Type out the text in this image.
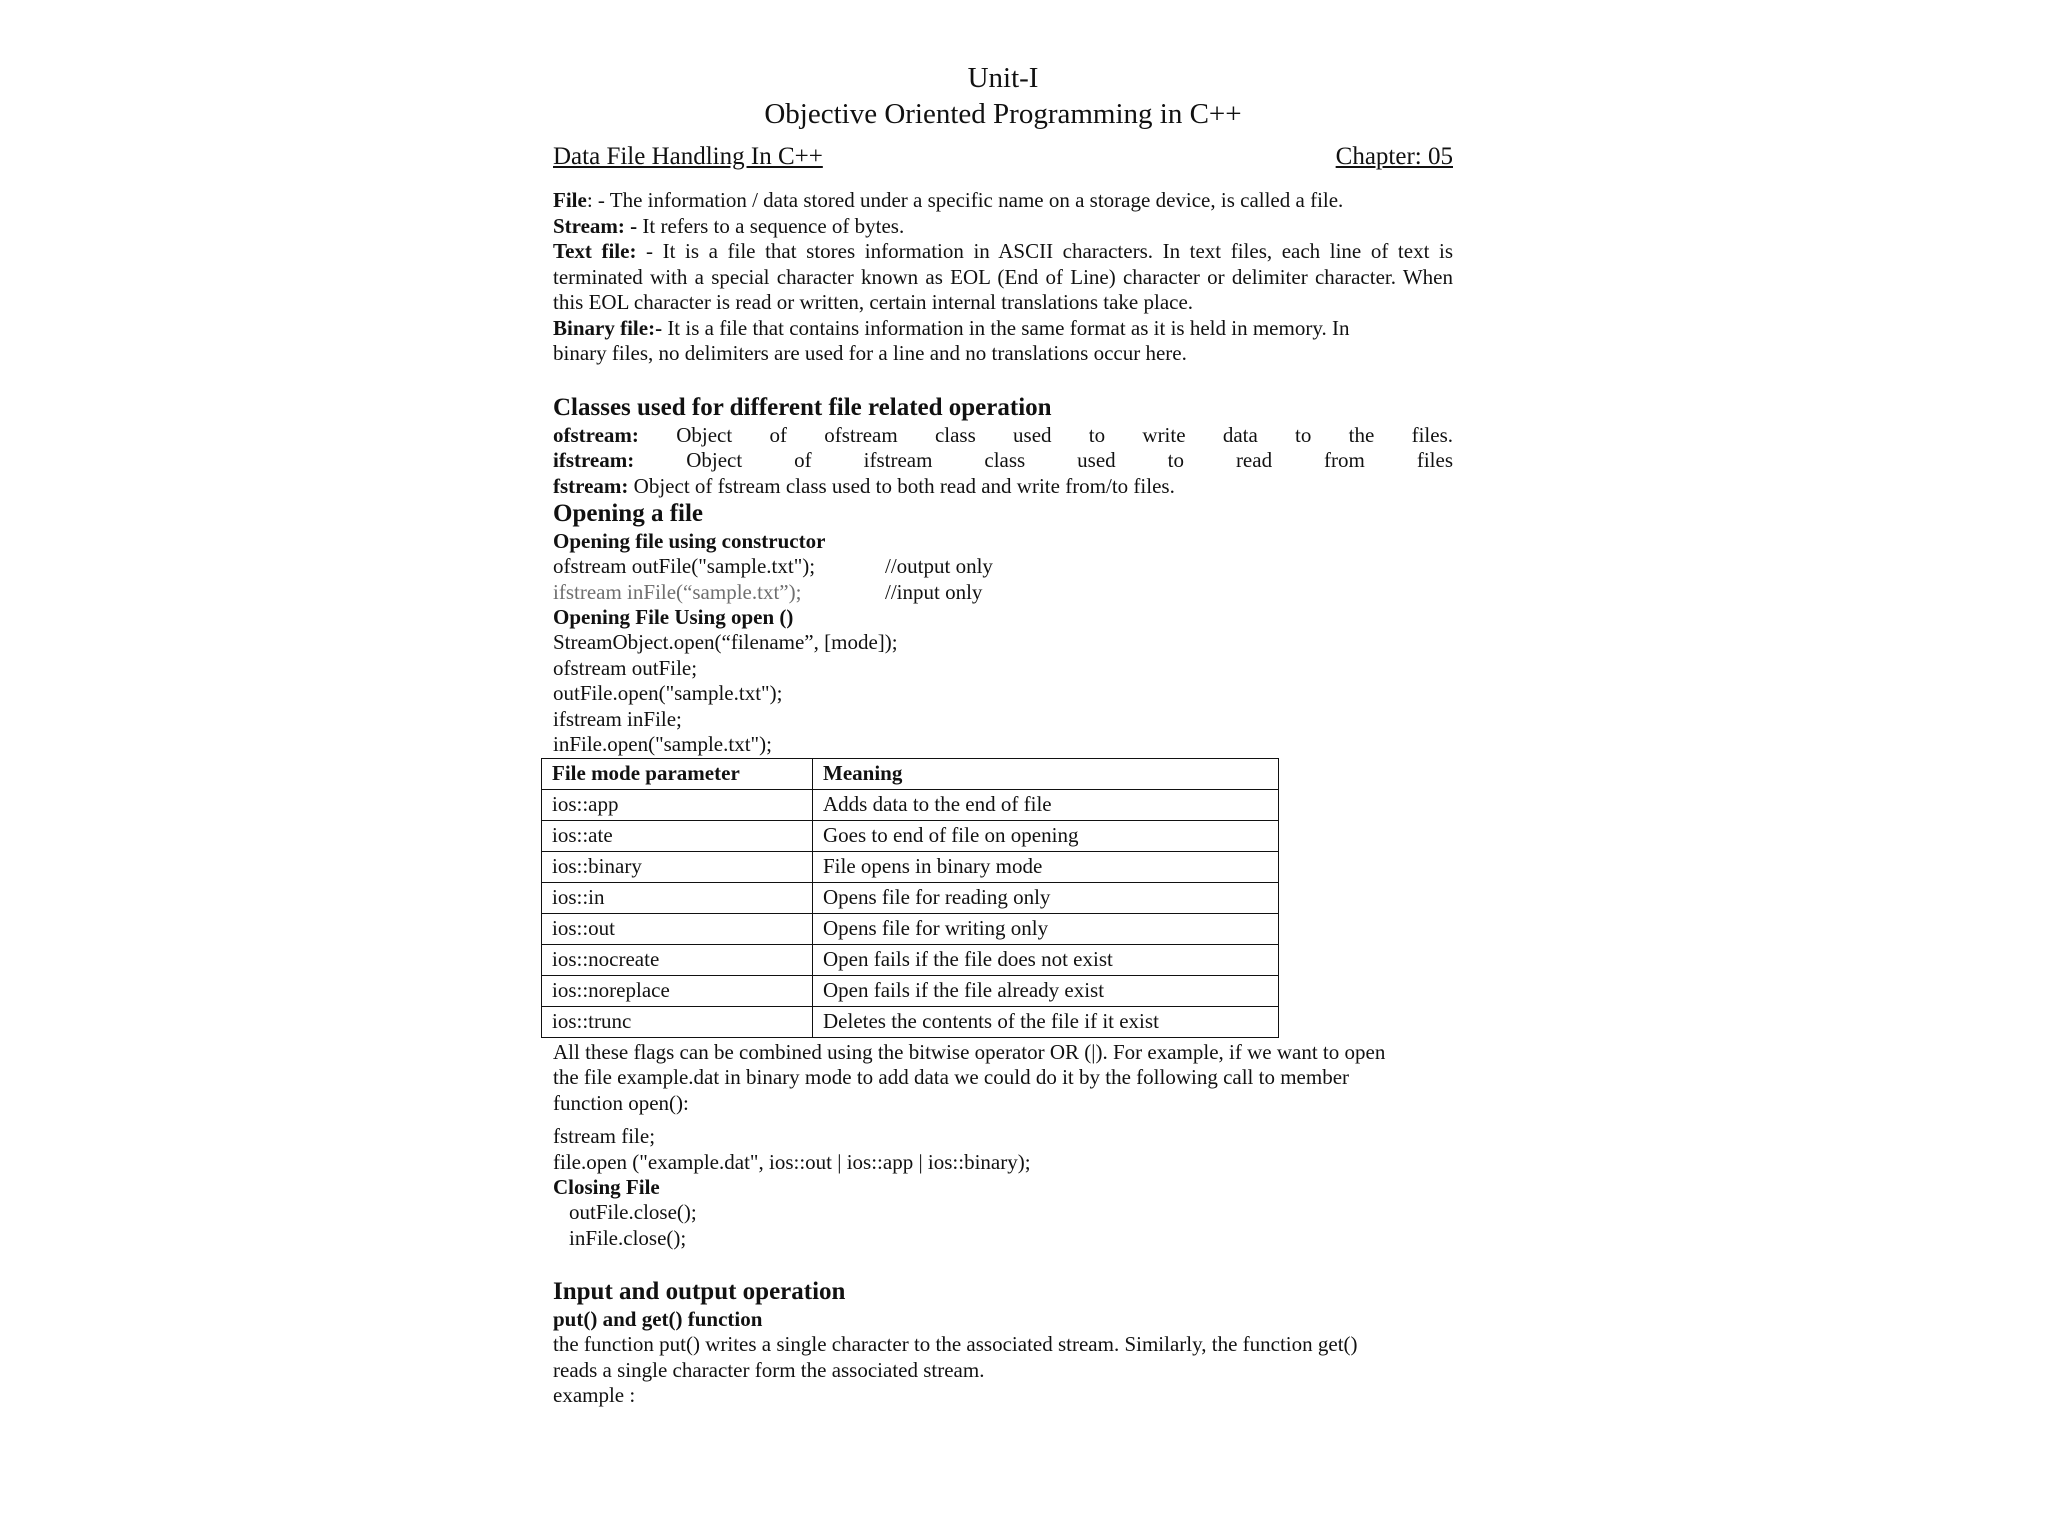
Unit-I
Objective Oriented Programming in C++
Data File Handling In C++	Chapter: 05

File: - The information / data stored under a specific name on a storage device, is called a file.

Stream: - It refers to a sequence of bytes.

Text file: - It is a file that stores information in ASCII characters. In text files, each line of text is terminated with a special character known as EOL (End of Line) character or delimiter character. When this EOL character is read or written, certain internal translations take place.

Binary file:- It is a file that contains information in the same format as it is held in memory. In
binary files, no delimiters are used for a line and no translations occur here.

Classes used for different file related operation

ofstream: Object of ofstream class used to write data to the files.

ifstream: Object of ifstream class used to read from files

fstream: Object of fstream class used to both read and write from/to files.

Opening a file

Opening file using constructor

ofstream outFile("sample.txt");	//output only
ifstream inFile(“sample.txt”);	//input only

Opening File Using open ()

StreamObject.open(“filename”, [mode]);
ofstream outFile;
outFile.open("sample.txt");
ifstream inFile;
inFile.open("sample.txt");
File mode parameter	Meaning
ios::app	Adds data to the end of file
ios::ate	Goes to end of file on opening
ios::binary	File opens in binary mode
ios::in	Opens file for reading only
ios::out	Opens file for writing only
ios::nocreate	Open fails if the file does not exist
ios::noreplace	Open fails if the file already exist
ios::trunc	Deletes the contents of the file if it exist

All these flags can be combined using the bitwise operator OR (|). For example, if we want to open
the file example.dat in binary mode to add data we could do it by the following call to member
function open():

fstream file;
file.open ("example.dat", ios::out | ios::app | ios::binary);

Closing File

outFile.close();
inFile.close();

Input and output operation

put() and get() function

the function put() writes a single character to the associated stream. Similarly, the function get()
reads a single character form the associated stream.
example :
